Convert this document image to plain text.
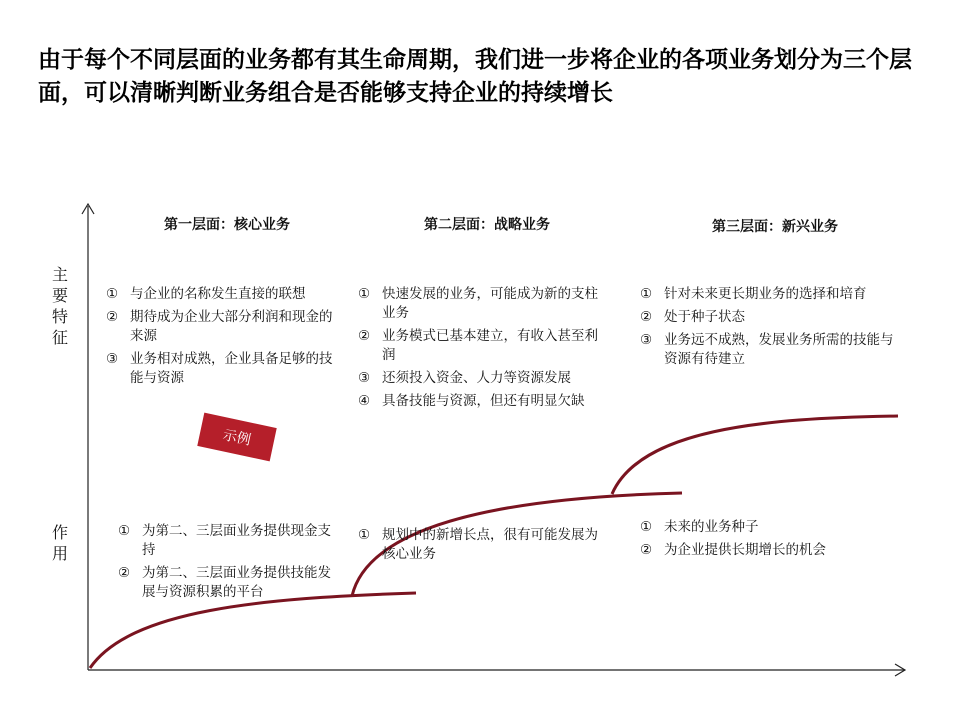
由于每个不同层面的业务都有其生命周期，我们进一步将企业的各项业务划分为三个层面，可以清晰判断业务组合是否能够支持企业的持续增长
主要特征
作用
第一层面：核心业务	第二层面：战略业务	第三层面：新兴业务
① 与企业的名称发生直接的联想
② 期待成为企业大部分利润和现金的来源
③ 业务相对成熟，企业具备足够的技能与资源
① 快速发展的业务，可能成为新的支柱业务
② 业务模式已基本建立，有收入甚至利润
③ 还须投入资金、人力等资源发展
④ 具备技能与资源，但还有明显欠缺
① 针对未来更长期业务的选择和培育
② 处于种子状态
③ 业务远不成熟，发展业务所需的技能与资源有待建立
示例
① 为第二、三层面业务提供现金支持
② 为第二、三层面业务提供技能发展与资源积累的平台
① 规划中的新增长点，很有可能发展为核心业务
① 未来的业务种子
② 为企业提供长期增长的机会
